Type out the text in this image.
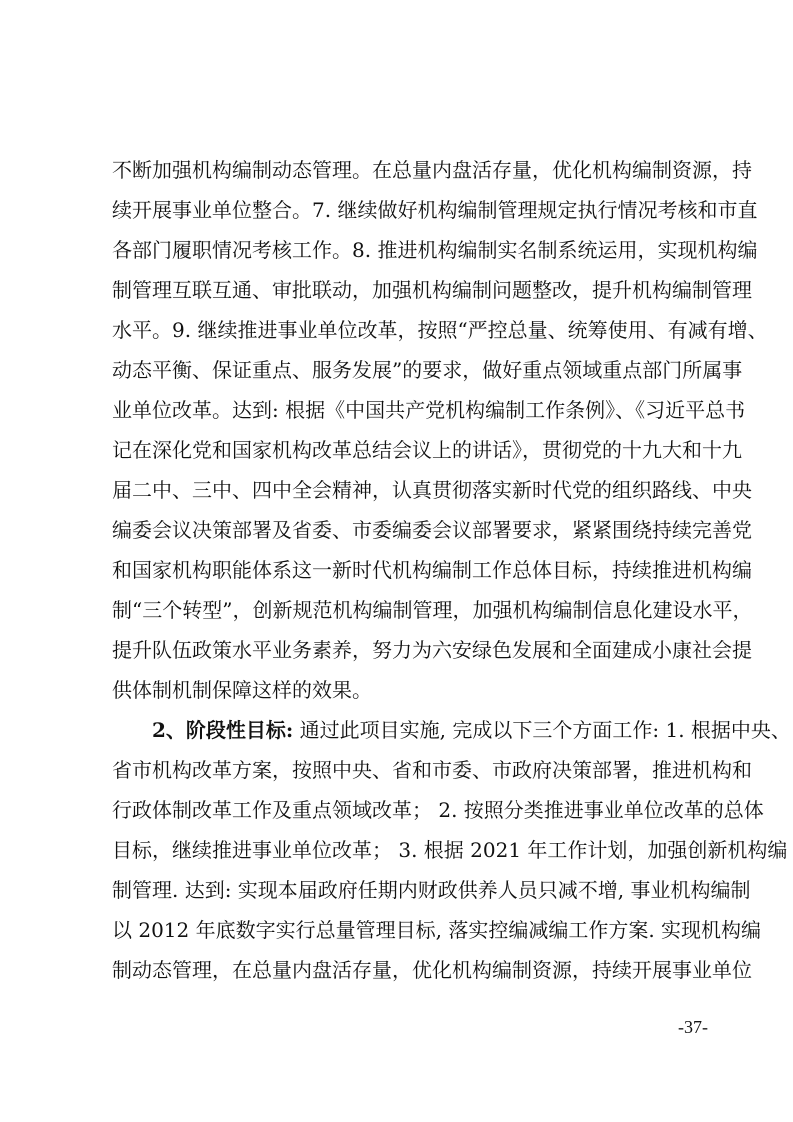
不断加强机构编制动态管理。在总量内盘活存量，优化机构编制资源，持
续开展事业单位整合。7. 继续做好机构编制管理规定执行情况考核和市直
各部门履职情况考核工作。8. 推进机构编制实名制系统运用，实现机构编
制管理互联互通、审批联动，加强机构编制问题整改，提升机构编制管理
水平。9. 继续推进事业单位改革，按照“严控总量、统筹使用、有减有增、
动态平衡、保证重点、服务发展”的要求，做好重点领域重点部门所属事
业单位改革。达到: 根据《中国共产党机构编制工作条例》、《习近平总书
记在深化党和国家机构改革总结会议上的讲话》，贯彻党的十九大和十九
届二中、三中、四中全会精神，认真贯彻落实新时代党的组织路线、中央
编委会议决策部署及省委、市委编委会议部署要求，紧紧围绕持续完善党
和国家机构职能体系这一新时代机构编制工作总体目标，持续推进机构编
制“三个转型”，创新规范机构编制管理，加强机构编制信息化建设水平，
提升队伍政策水平业务素养，努力为六安绿色发展和全面建成小康社会提
供体制机制保障这样的效果。
2、阶段性目标: 通过此项目实施, 完成以下三个方面工作: 1. 根据中央、
省市机构改革方案，按照中央、省和市委、市政府决策部署，推进机构和
行政体制改革工作及重点领域改革； 2. 按照分类推进事业单位改革的总体
目标，继续推进事业单位改革； 3. 根据 2021 年工作计划，加强创新机构编
制管理. 达到: 实现本届政府任期内财政供养人员只减不增, 事业机构编制
以 2012 年底数字实行总量管理目标, 落实控编减编工作方案. 实现机构编
制动态管理，在总量内盘活存量，优化机构编制资源，持续开展事业单位
-37-
